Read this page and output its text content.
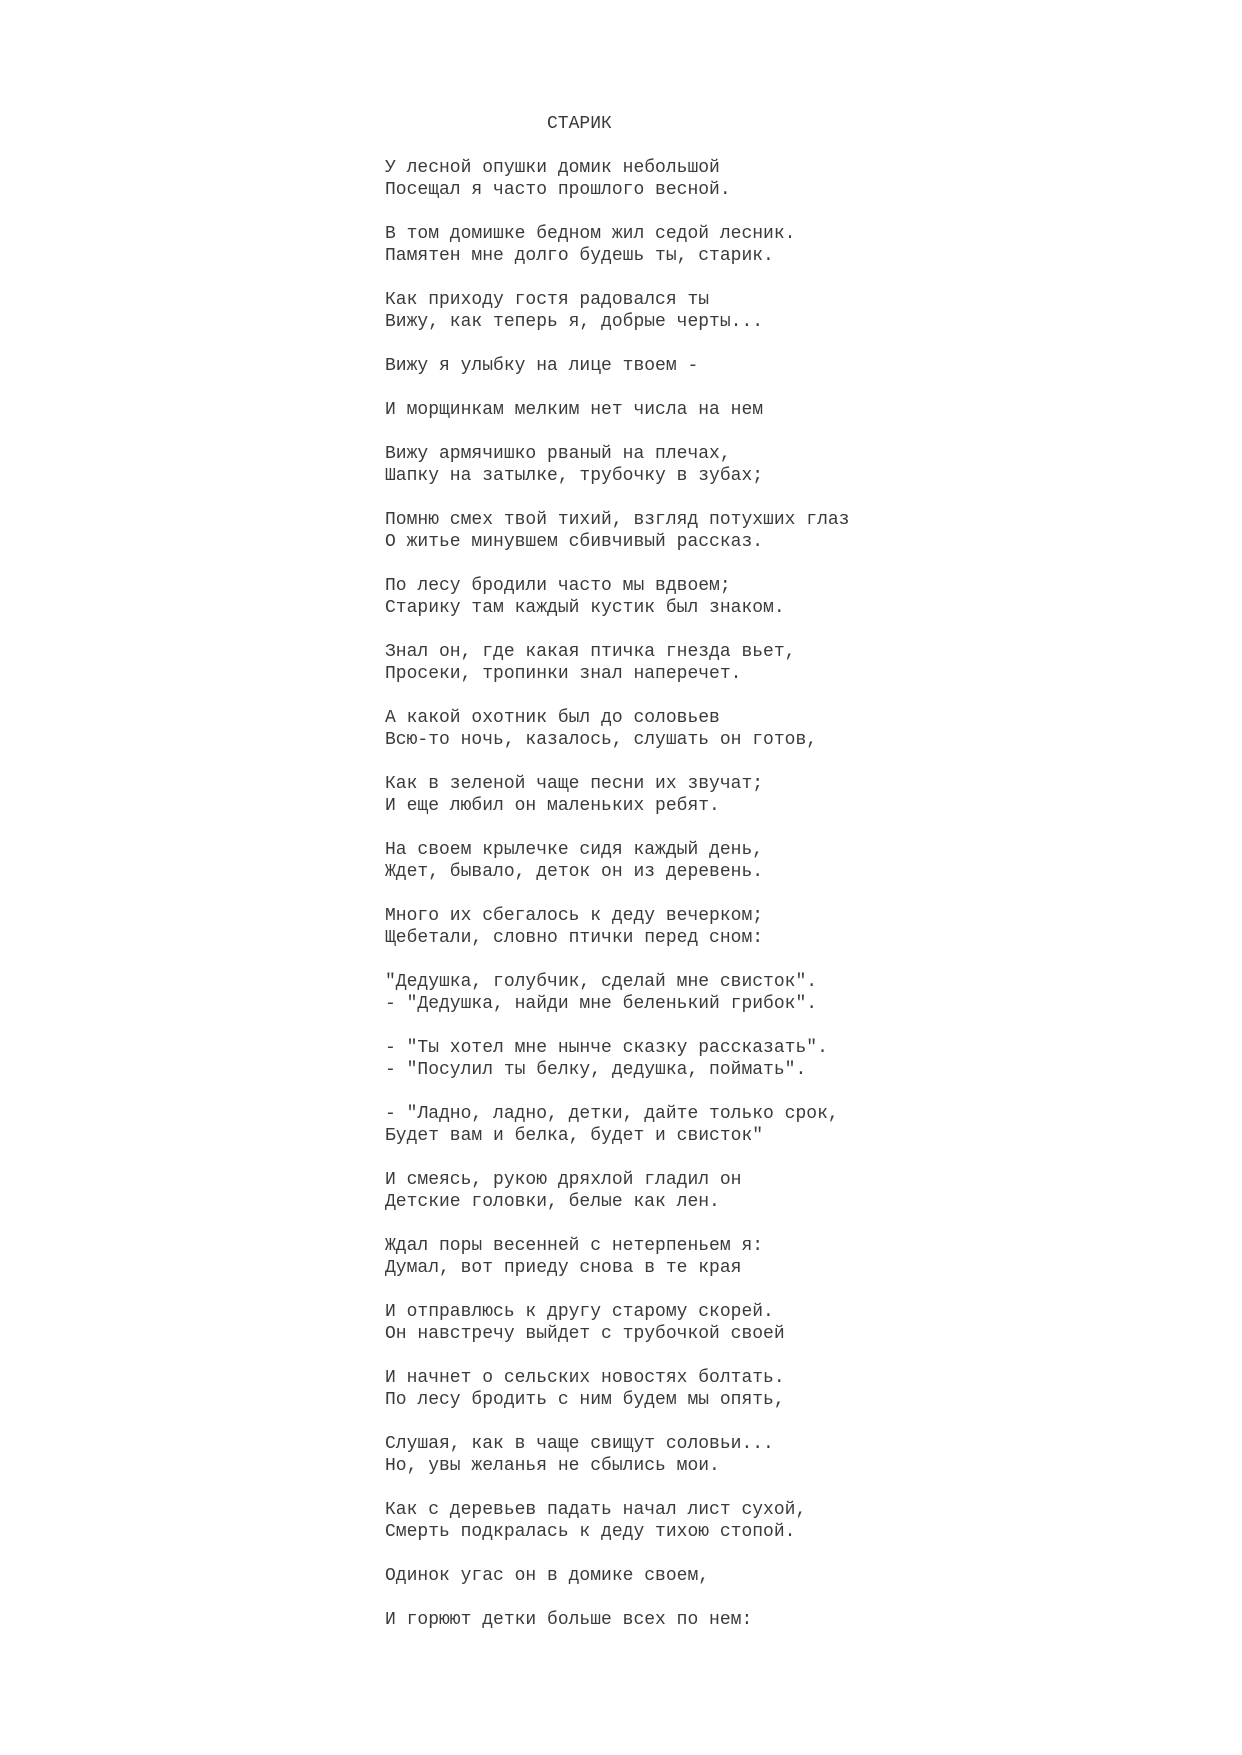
СТАРИК
У лесной опушки домик небольшой
Посещал я часто прошлого весной.
В том домишке бедном жил седой лесник.
Памятен мне долго будешь ты, старик.
Как приходу гостя радовался ты
Вижу, как теперь я, добрые черты...
Вижу я улыбку на лице твоем -
И морщинкам мелким нет числа на нем
Вижу армячишко рваный на плечах,
Шапку на затылке, трубочку в зубах;
Помню смех твой тихий, взгляд потухших глаз
О житье минувшем сбивчивый рассказ.
По лесу бродили часто мы вдвоем;
Старику там каждый кустик был знаком.
Знал он, где какая птичка гнезда вьет,
Просеки, тропинки знал наперечет.
А какой охотник был до соловьев
Всю-то ночь, казалось, слушать он готов,
Как в зеленой чаще песни их звучат;
И еще любил он маленьких ребят.
На своем крылечке сидя каждый день,
Ждет, бывало, деток он из деревень.
Много их сбегалось к деду вечерком;
Щебетали, словно птички перед сном:
"Дедушка, голубчик, сделай мне свисток".
- "Дедушка, найди мне беленький грибок".
- "Ты хотел мне нынче сказку рассказать".
- "Посулил ты белку, дедушка, поймать".
- "Ладно, ладно, детки, дайте только срок,
Будет вам и белка, будет и свисток"
И смеясь, рукою дряхлой гладил он
Детские головки, белые как лен.
Ждал поры весенней с нетерпеньем я:
Думал, вот приеду снова в те края
И отправлюсь к другу старому скорей.
Он навстречу выйдет с трубочкой своей
И начнет о сельских новостях болтать.
По лесу бродить с ним будем мы опять,
Слушая, как в чаще свищут соловьи...
Но, увы желанья не сбылись мои.
Как с деревьев падать начал лист сухой,
Смерть подкралась к деду тихою стопой.
Одинок угас он в домике своем,
И горюют детки больше всех по нем:
